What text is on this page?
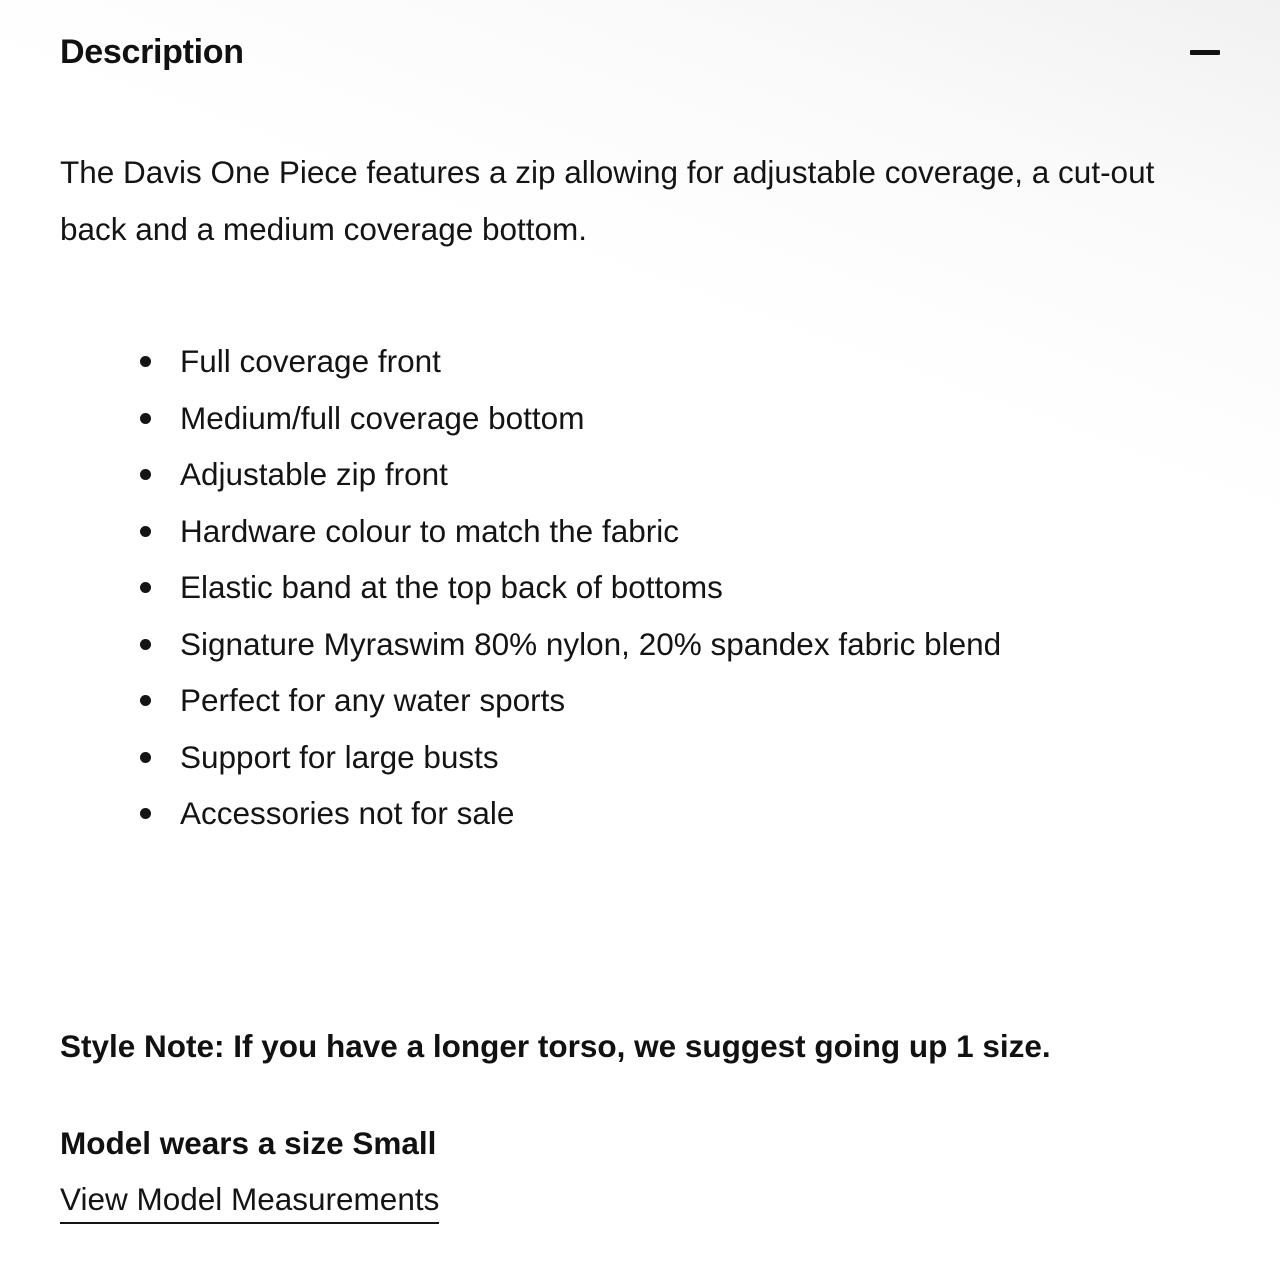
Description

The Davis One Piece features a zip allowing for adjustable coverage, a cut-out back and a medium coverage bottom.

Full coverage front
Medium/full coverage bottom
Adjustable zip front
Hardware colour to match the fabric
Elastic band at the top back of bottoms
Signature Myraswim 80% nylon, 20% spandex fabric blend
Perfect for any water sports
Support for large busts
Accessories not for sale

Style Note: If you have a longer torso, we suggest going up 1 size.

Model wears a size Small

View Model Measurements
